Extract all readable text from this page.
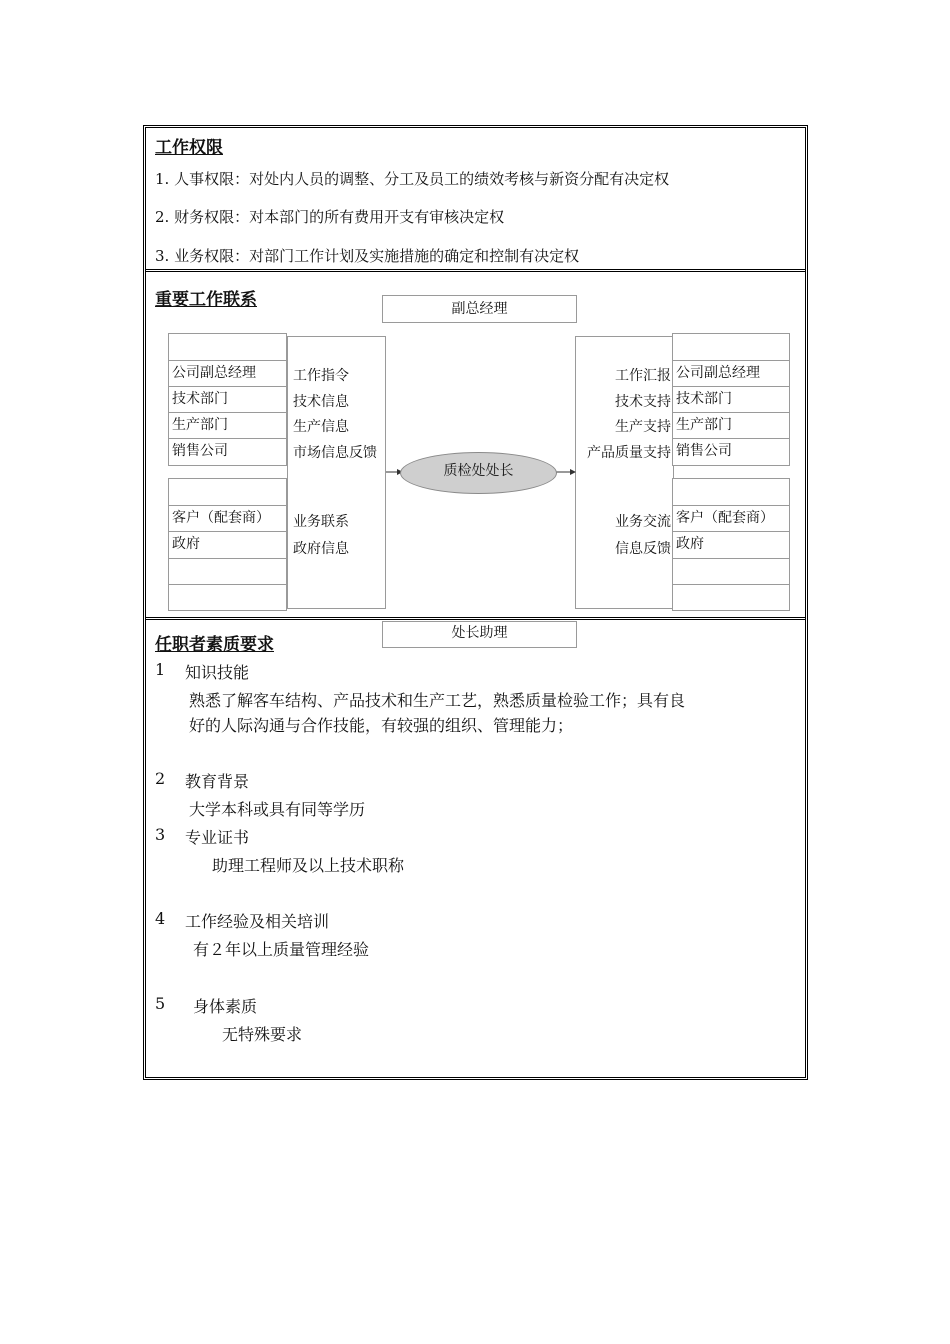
工作权限
1. 人事权限：对处内人员的调整、分工及员工的绩效考核与新资分配有决定权
2. 财务权限：对本部门的所有费用开支有审核决定权
3. 业务权限：对部门工作计划及实施措施的确定和控制有决定权
重要工作联系	副总经理
公司副总经理
技术部门
生产部门
销售公司
客户（配套商）
政府
工作指令
技术信息
生产信息
市场信息反馈
业务联系
政府信息
公司副总经理
技术部门
生产部门
销售公司
客户（配套商）
政府
工作汇报
技术支持
生产支持
产品质量支持
业务交流
信息反馈
质检处处长
处长助理
任职者素质要求
1 知识技能
熟悉了解客车结构、产品技术和生产工艺，熟悉质量检验工作；具有良
好的人际沟通与合作技能，有较强的组织、管理能力；
2 教育背景
大学本科或具有同等学历
3 专业证书
助理工程师及以上技术职称
4 工作经验及相关培训
有２年以上质量管理经验
5 身体素质
无特殊要求
